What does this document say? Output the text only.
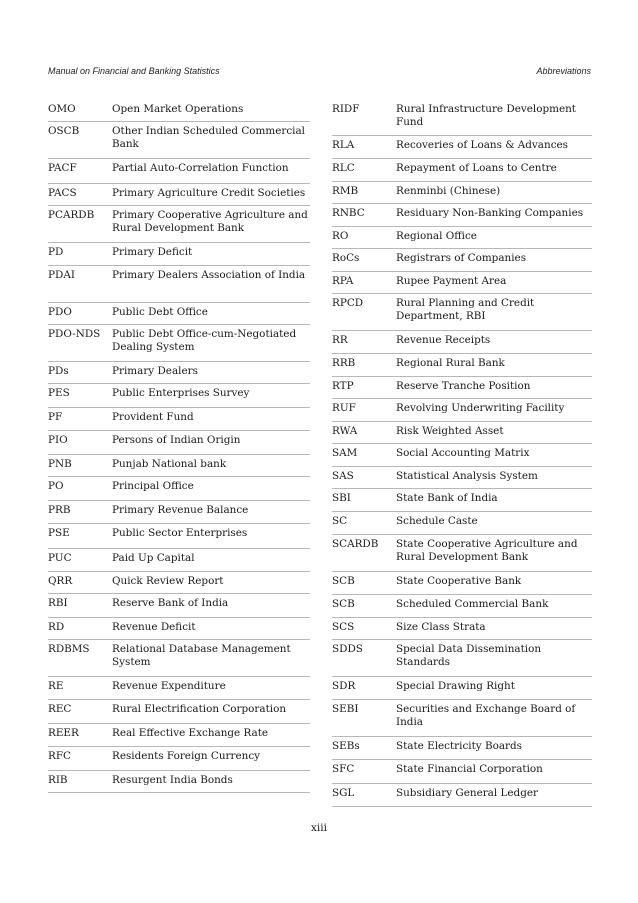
Manual on Financial and Banking Statistics	Abbreviations
OMO	Open Market Operations
OSCB	Other Indian Scheduled Commercial Bank
PACF	Partial Auto-Correlation Function
PACS	Primary Agriculture Credit Societies
PCARDB	Primary Cooperative Agriculture and Rural Development Bank
PD	Primary Deficit
PDAI	Primary Dealers Association of India
PDO	Public Debt Office
PDO-NDS	Public Debt Office-cum-Negotiated Dealing System
PDs	Primary Dealers
PES	Public Enterprises Survey
PF	Provident Fund
PIO	Persons of Indian Origin
PNB	Punjab National bank
PO	Principal Office
PRB	Primary Revenue Balance
PSE	Public Sector Enterprises
PUC	Paid Up Capital
QRR	Quick Review Report
RBI	Reserve Bank of India
RD	Revenue Deficit
RDBMS	Relational Database Management System
RE	Revenue Expenditure
REC	Rural Electrification Corporation
REER	Real Effective Exchange Rate
RFC	Residents Foreign Currency
RIB	Resurgent India Bonds
RIDF	Rural Infrastructure Development Fund
RLA	Recoveries of Loans & Advances
RLC	Repayment of Loans to Centre
RMB	Renminbi (Chinese)
RNBC	Residuary Non-Banking Companies
RO	Regional Office
RoCs	Registrars of Companies
RPA	Rupee Payment Area
RPCD	Rural Planning and Credit Department, RBI
RR	Revenue Receipts
RRB	Regional Rural Bank
RTP	Reserve Tranche Position
RUF	Revolving Underwriting Facility
RWA	Risk Weighted Asset
SAM	Social Accounting Matrix
SAS	Statistical Analysis System
SBI	State Bank of India
SC	Schedule Caste
SCARDB	State Cooperative Agriculture and Rural Development Bank
SCB	State Cooperative Bank
SCB	Scheduled Commercial Bank
SCS	Size Class Strata
SDDS	Special Data Dissemination Standards
SDR	Special Drawing Right
SEBI	Securities and Exchange Board of India
SEBs	State Electricity Boards
SFC	State Financial Corporation
SGL	Subsidiary General Ledger
xiii
